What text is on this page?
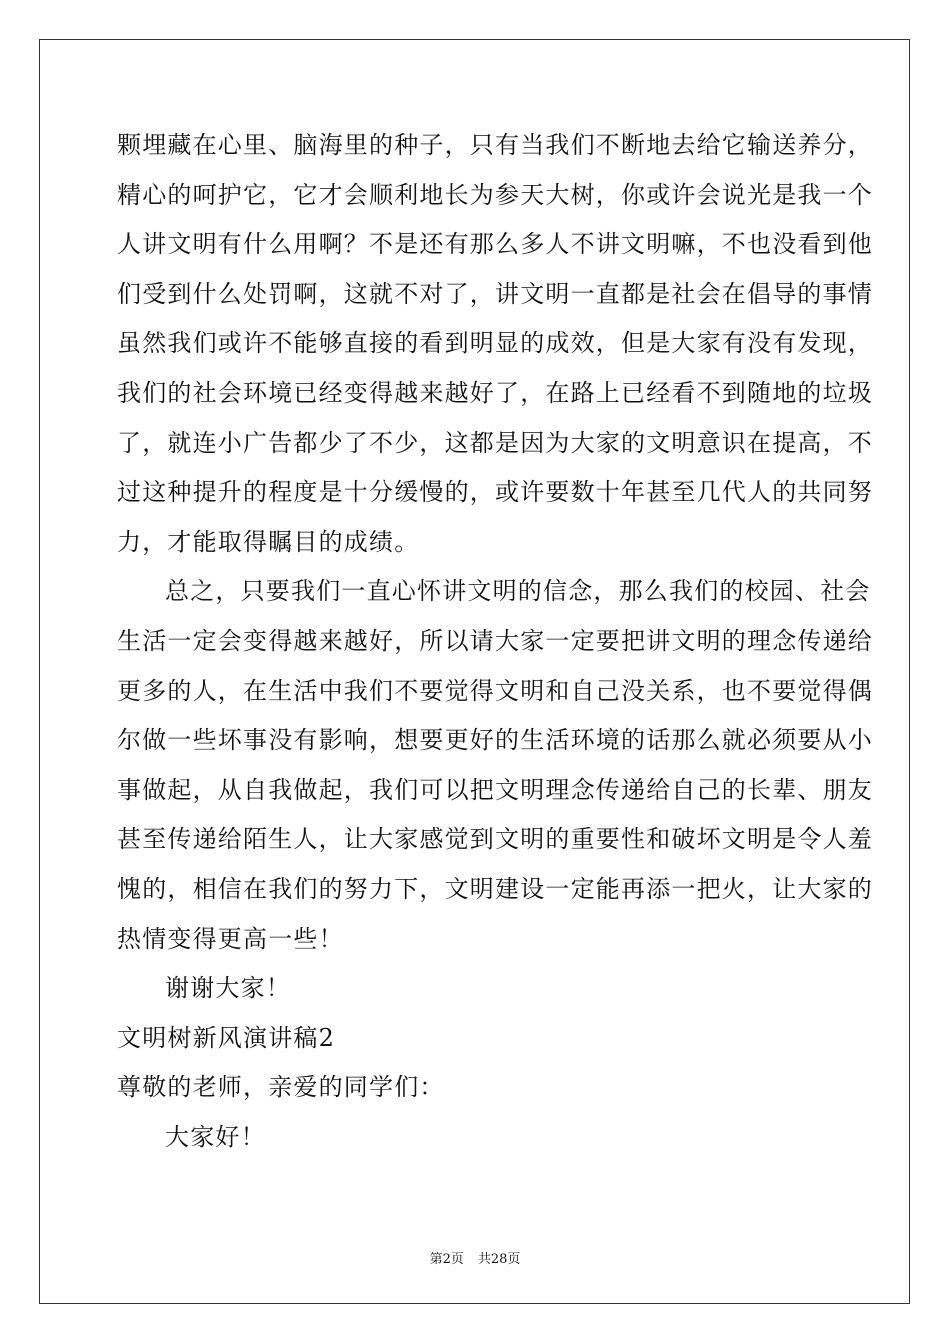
颗埋藏在心里、脑海里的种子，只有当我们不断地去给它输送养分，
精心的呵护它，它才会顺利地长为参天大树，你或许会说光是我一个
人讲文明有什么用啊？不是还有那么多人不讲文明嘛，不也没看到他
们受到什么处罚啊，这就不对了，讲文明一直都是社会在倡导的事情
虽然我们或许不能够直接的看到明显的成效，但是大家有没有发现，
我们的社会环境已经变得越来越好了，在路上已经看不到随地的垃圾
了，就连小广告都少了不少，这都是因为大家的文明意识在提高，不
过这种提升的程度是十分缓慢的，或许要数十年甚至几代人的共同努
力，才能取得瞩目的成绩。
总之，只要我们一直心怀讲文明的信念，那么我们的校园、社会
生活一定会变得越来越好，所以请大家一定要把讲文明的理念传递给
更多的人，在生活中我们不要觉得文明和自己没关系，也不要觉得偶
尔做一些坏事没有影响，想要更好的生活环境的话那么就必须要从小
事做起，从自我做起，我们可以把文明理念传递给自己的长辈、朋友
甚至传递给陌生人，让大家感觉到文明的重要性和破坏文明是令人羞
愧的，相信在我们的努力下，文明建设一定能再添一把火，让大家的
热情变得更高一些！
谢谢大家！
文明树新风演讲稿2
尊敬的老师，亲爱的同学们：
大家好！
第2页 共28页
